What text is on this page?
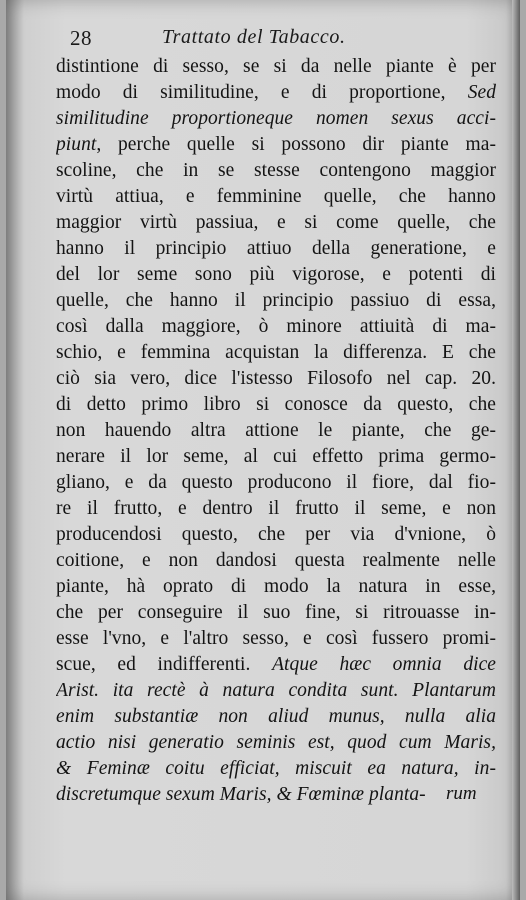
28	Trattato del Tabacco.
distintione di sesso, se si da nelle piante è per
modo di similitudine, e di proportione, Sed
similitudine proportioneque nomen sexus acci-
piunt, perche quelle si possono dir piante ma-
scoline, che in se stesse contengono maggior
virtù attiua, e femminine quelle, che hanno
maggior virtù passiua, e si come quelle, che
hanno il principio attiuo della generatione, e
del lor seme sono più vigorose, e potenti di
quelle, che hanno il principio passiuo di essa,
così dalla maggiore, ò minore attiuità di ma-
schio, e femmina acquistan la differenza. E che
ciò sia vero, dice l'istesso Filosofo nel cap. 20.
di detto primo libro si conosce da questo, che
non hauendo altra attione le piante, che ge-
nerare il lor seme, al cui effetto prima germo-
gliano, e da questo producono il fiore, dal fio-
re il frutto, e dentro il frutto il seme, e non
producendosi questo, che per via d'vnione, ò
coitione, e non dandosi questa realmente nelle
piante, hà oprato di modo la natura in esse,
che per conseguire il suo fine, si ritrouasse in-
esse l'vno, e l'altro sesso, e così fussero promi-
scue, ed indifferenti. Atque hæc omnia dice
Arist. ita rectè à natura condita sunt. Plantarum
enim substantiæ non aliud munus, nulla alia
actio nisi generatio seminis est, quod cum Maris,
& Feminæ coitu efficiat, miscuit ea natura, in-
discretumque sexum Maris, & Fœminæ planta-	rum
